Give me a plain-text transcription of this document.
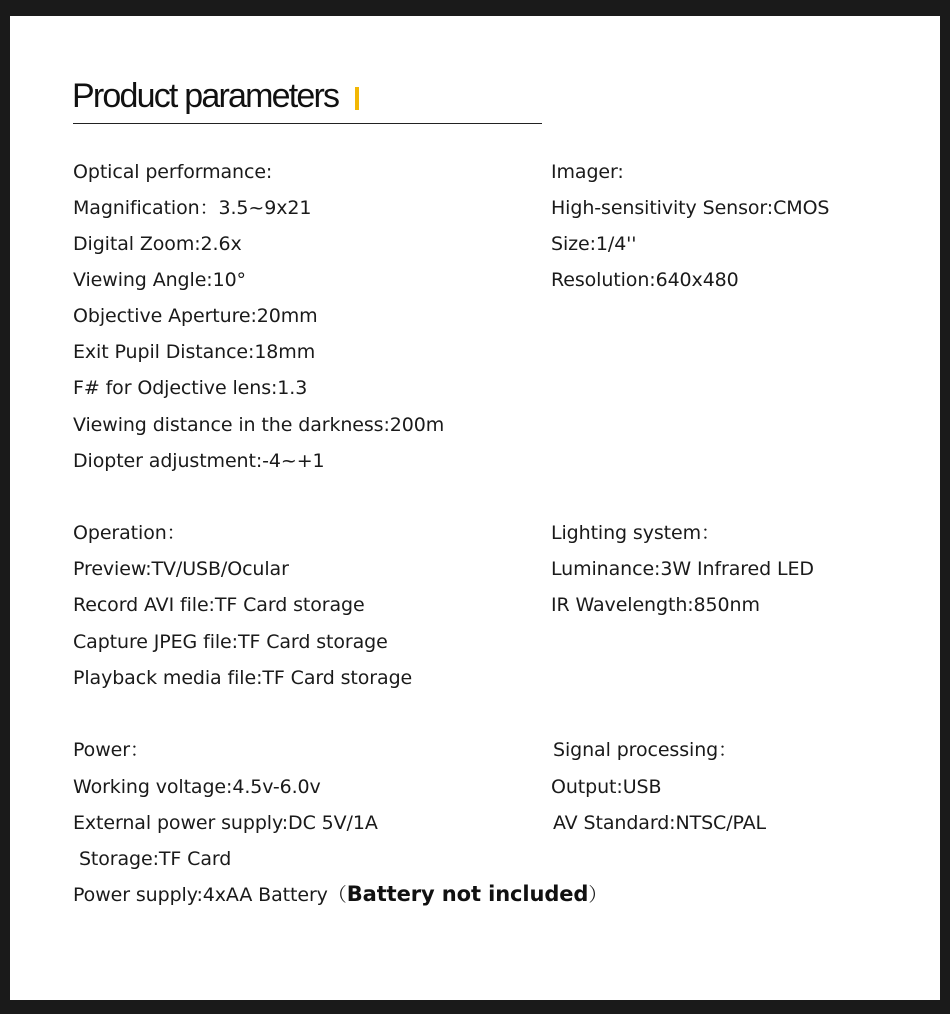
Product parameters
Optical performance:
Magnification：3.5~9x21
Digital Zoom:2.6x
Viewing Angle:10°
Objective Aperture:20mm
Exit Pupil Distance:18mm
F# for Odjective lens:1.3
Viewing distance in the darkness:200m
Diopter adjustment:-4~+1
Operation：
Preview:TV/USB/Ocular
Record AVI file:TF Card storage
Capture JPEG file:TF Card storage
Playback media file:TF Card storage
Power：
Working voltage:4.5v-6.0v
External power supply:DC 5V/1A
Storage:TF Card
Power supply:4xAA Battery（Battery not included）
Imager:
High-sensitivity Sensor:CMOS
Size:1/4''
Resolution:640x480
Lighting system：
Luminance:3W Infrared LED
IR Wavelength:850nm
Signal processing：
Output:USB
AV Standard:NTSC/PAL
